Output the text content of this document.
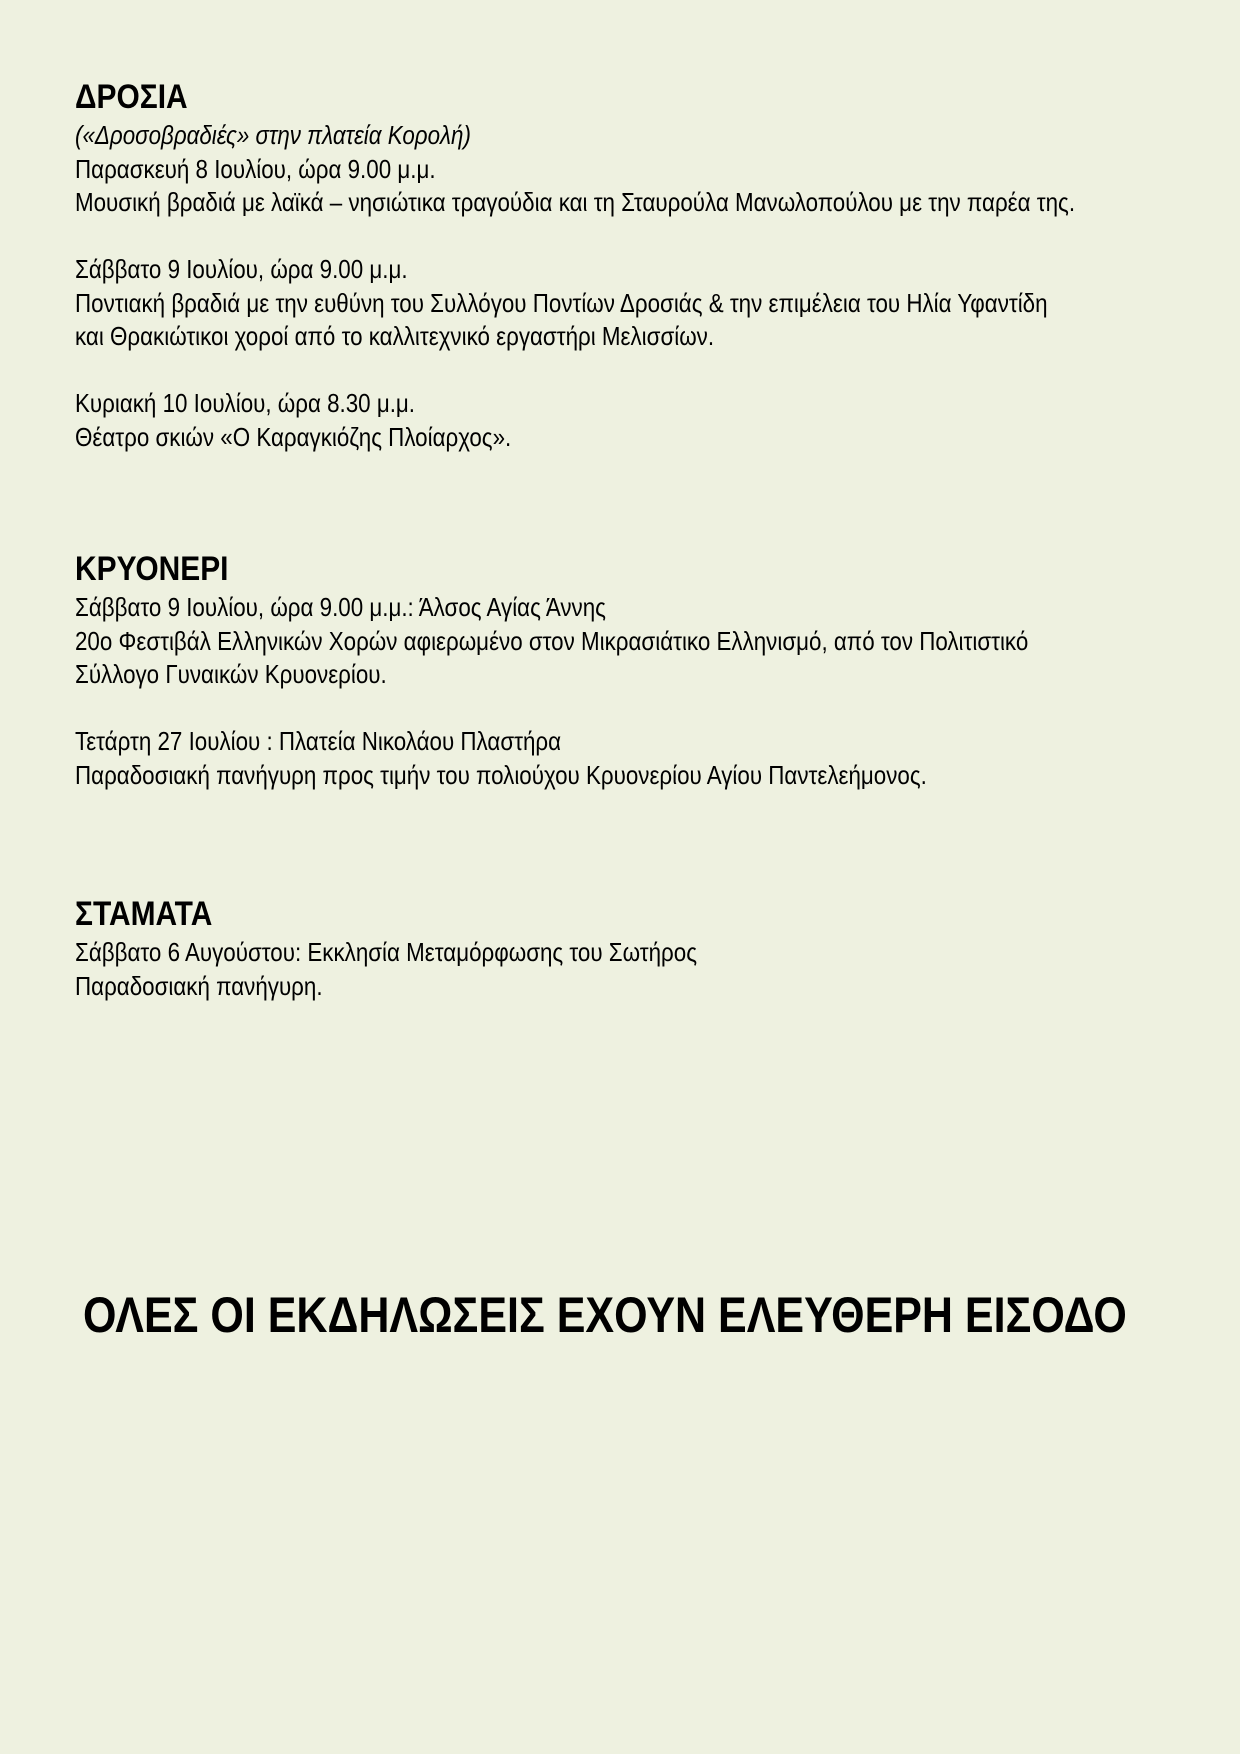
ΔΡΟΣΙΑ

(«Δροσοβραδιές» στην πλατεία Κορολή)

Παρασκευή 8 Ιουλίου, ώρα 9.00 μ.μ.

Μουσική βραδιά με λαϊκά – νησιώτικα τραγούδια και τη Σταυρούλα Μανωλοπούλου με την παρέα της.

Σάββατο 9 Ιουλίου, ώρα 9.00 μ.μ.

Ποντιακή βραδιά με την ευθύνη του Συλλόγου Ποντίων Δροσιάς & την επιμέλεια του Ηλία Υφαντίδη

και Θρακιώτικοι χοροί από το καλλιτεχνικό εργαστήρι Μελισσίων.

Κυριακή 10 Ιουλίου, ώρα 8.30 μ.μ.

Θέατρο σκιών «Ο Καραγκιόζης Πλοίαρχος».

ΚΡΥΟΝΕΡΙ

Σάββατο 9 Ιουλίου, ώρα 9.00 μ.μ.: Άλσος Αγίας Άννης

20ο Φεστιβάλ Ελληνικών Χορών αφιερωμένο στον Μικρασιάτικο Ελληνισμό, από τον Πολιτιστικό

Σύλλογο Γυναικών Κρυονερίου.

Τετάρτη 27 Ιουλίου : Πλατεία Νικολάου Πλαστήρα

Παραδοσιακή πανήγυρη προς τιμήν του πολιούχου Κρυονερίου Αγίου Παντελεήμονος.

ΣΤΑΜΑΤΑ

Σάββατο 6 Αυγούστου: Εκκλησία Μεταμόρφωσης του Σωτήρος

Παραδοσιακή πανήγυρη.

ΟΛΕΣ ΟΙ ΕΚΔΗΛΩΣΕΙΣ ΕΧΟΥΝ ΕΛΕΥΘΕΡΗ ΕΙΣΟΔΟ
